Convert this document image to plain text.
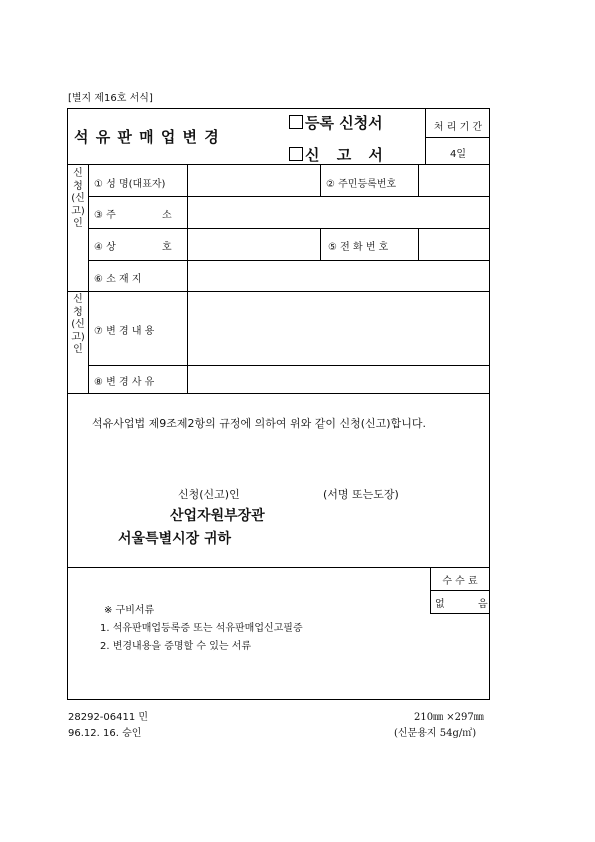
[별지 제16호 서식]
석 유 판 매 업 변 경
등록 신청서
신 고 서
처 리 기 간
4일
신청(신고)인
신청(신고)인
① 성 명(대표자)	② 주민등록번호
③ 주	소
④ 상	호	⑤ 전 화 번 호
⑥ 소 재 지
⑦ 변 경 내 용
⑧ 변 경 사 유
석유사업법 제9조제2항의 규정에 의하여 위와 같이 신청(신고)합니다.
신청(신고)인	(서명 또는도장)
산업자원부장관
서울특별시장 귀하
수 수 료
없	음
※ 구비서류
1. 석유판매업등록증 또는 석유판매업신고필증
2. 변경내용을 증명할 수 있는 서류
28292-06411 민
96.12. 16. 승인
210㎜ ×297㎜
(신문용지 54g/㎡)
